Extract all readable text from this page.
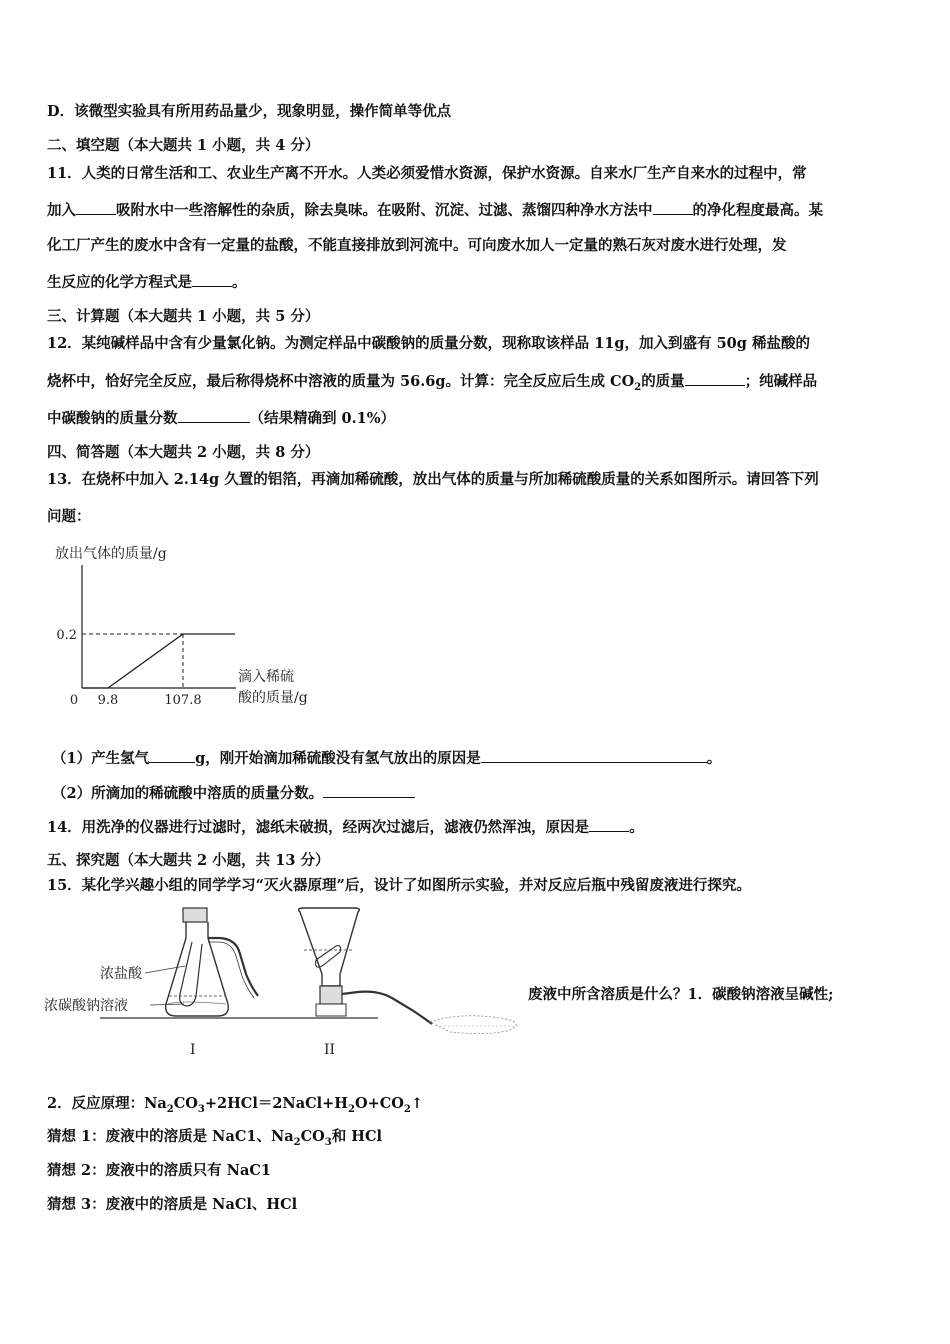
D．该微型实验具有所用药品量少，现象明显，操作简单等优点
二、填空题（本大题共 1 小题，共 4 分）
11．人类的日常生活和工、农业生产离不开水。人类必须爱惜水资源，保护水资源。自来水厂生产自来水的过程中，常
加入	吸附水中一些溶解性的杂质，除去臭味。在吸附、沉淀、过滤、蒸馏四种净水方法中	的净化程度最高。某
化工厂产生的废水中含有一定量的盐酸，不能直接排放到河流中。可向废水加人一定量的熟石灰对废水进行处理，发
生反应的化学方程式是	。
三、计算题（本大题共 1 小题，共 5 分）
12．某纯碱样品中含有少量氯化钠。为测定样品中碳酸钠的质量分数，现称取该样品 11g，加入到盛有 50g 稀盐酸的
烧杯中，恰好完全反应，最后称得烧杯中溶液的质量为 56.6g。计算：完全反应后生成 $CO_2$的质量	；纯碱样品
中碳酸钠的质量分数	（结果精确到 0.1%）
四、简答题（本大题共 2 小题，共 8 分）
13．在烧杯中加入 2.14g 久置的铝箔，再滴加稀硫酸，放出气体的质量与所加稀硫酸质量的关系如图所示。请回答下列
问题：
放出气体的质量/g
0 9.8	107.8
0.2
滴入稀硫
酸的质量/g
（1）产生氢气	g，刚开始滴加稀硫酸没有氢气放出的原因是	。
（2）所滴加的稀硫酸中溶质的质量分数。
14．用洗净的仪器进行过滤时，滤纸未破损，经两次过滤后，滤液仍然浑浊，原因是	。
五、探究题（本大题共 2 小题，共 13 分）
15．某化学兴趣小组的同学学习“灭火器原理”后，设计了如图所示实验，并对反应后瓶中残留废液进行探究。
浓盐酸
浓碳酸钠溶液
I	II
废液中所含溶质是什么？1．碳酸钠溶液呈碱性;
2．反应原理：$Na_2CO_3+2HCl=2NaCl+H_2O+CO_2↑$
猜想 1：废液中的溶质是 NaC1、$Na_2CO_3$和 HCl
猜想 2：废液中的溶质只有 NaC1
猜想 3：废液中的溶质是 NaCl、HCl
